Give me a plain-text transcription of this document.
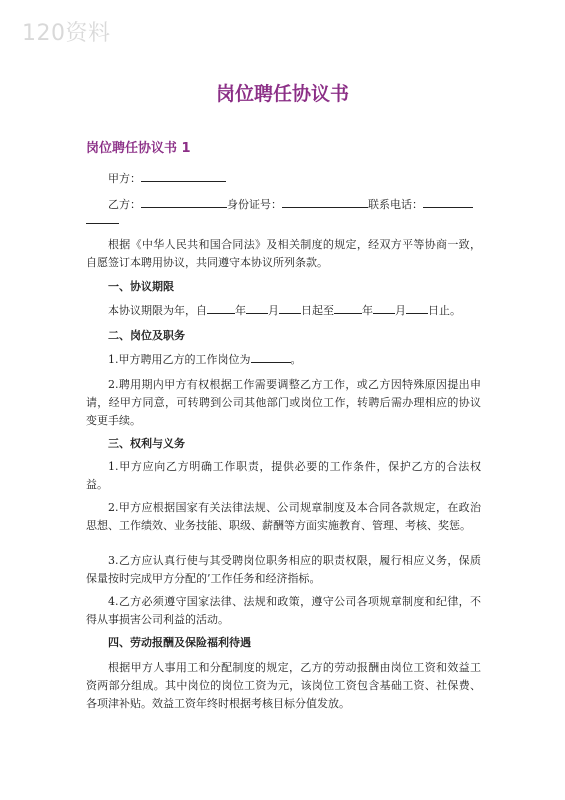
120资料
岗位聘任协议书
岗位聘任协议书 1
甲方：
乙方：	身份证号：	联系电话：
根据《中华人民共和国合同法》及相关制度的规定，经双方平等协商一致，自愿签订本聘用协议，共同遵守本协议所列条款。
一、协议期限
本协议期限为年，自	年 月 日起至	年 月 日止。
二、岗位及职务
1.甲方聘用乙方的工作岗位为	。
2.聘用期内甲方有权根据工作需要调整乙方工作，或乙方因特殊原因提出申请，经甲方同意，可转聘到公司其他部门或岗位工作，转聘后需办理相应的协议变更手续。
三、权利与义务
1.甲方应向乙方明确工作职责，提供必要的工作条件，保护乙方的合法权益。
2.甲方应根据国家有关法律法规、公司规章制度及本合同各款规定，在政治思想、工作绩效、业务技能、职级、薪酬等方面实施教育、管理、考核、奖惩。
3.乙方应认真行使与其受聘岗位职务相应的职责权限，履行相应义务，保质保量按时完成甲方分配的’工作任务和经济指标。
4.乙方必须遵守国家法律、法规和政策，遵守公司各项规章制度和纪律，不得从事损害公司利益的活动。
四、劳动报酬及保险福利待遇
根据甲方人事用工和分配制度的规定，乙方的劳动报酬由岗位工资和效益工资两部分组成。其中岗位的岗位工资为元，该岗位工资包含基础工资、社保费、各项津补贴。效益工资年终时根据考核目标分值发放。
